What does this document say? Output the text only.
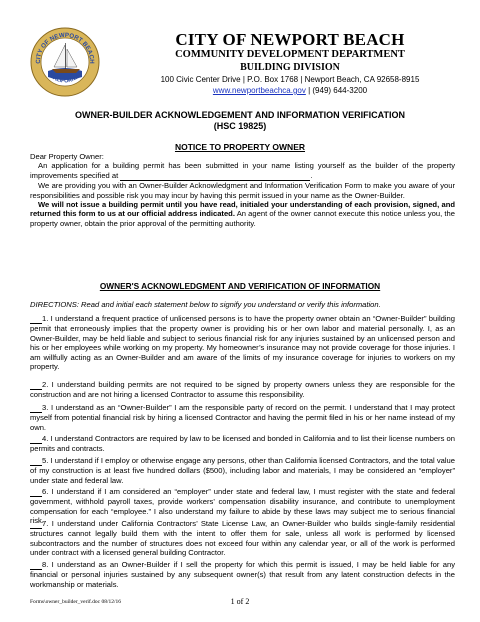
CITY OF NEWPORT BEACH
CALIFORNIA
CITY OF NEWPORT BEACH
COMMUNITY DEVELOPMENT DEPARTMENT
BUILDING DIVISION
100 Civic Center Drive | P.O. Box 1768 | Newport Beach, CA 92658-8915
www.newportbeachca.gov | (949) 644-3200
OWNER-BUILDER ACKNOWLEDGEMENT AND INFORMATION VERIFICATION
(HSC 19825)
NOTICE TO PROPERTY OWNER

Dear Property Owner:

An application for a building permit has been submitted in your name listing yourself as the builder of the property improvements specified at	.

We are providing you with an Owner-Builder Acknowledgment and Information Verification Form to make you aware of your responsibilities and possible risk you may incur by having this permit issued in your name as the Owner-Builder.

We will not issue a building permit until you have read, initialed your understanding of each provision, signed, and returned this form to us at our official address indicated. An agent of the owner cannot execute this notice unless you, the property owner, obtain the prior approval of the permitting authority.

OWNER'S ACKNOWLEDGMENT AND VERIFICATION OF INFORMATION
DIRECTIONS: Read and initial each statement below to signify you understand or verify this information.
1. I understand a frequent practice of unlicensed persons is to have the property owner obtain an “Owner-Builder” building permit that erroneously implies that the property owner is providing his or her own labor and material personally. I, as an Owner-Builder, may be held liable and subject to serious financial risk for any injuries sustained by an unlicensed person and his or her employees while working on my property. My homeowner’s insurance may not provide coverage for those injuries. I am willfully acting as an Owner-Builder and am aware of the limits of my insurance coverage for injuries to workers on my property.
2. I understand building permits are not required to be signed by property owners unless they are responsible for the construction and are not hiring a licensed Contractor to assume this responsibility.
3. I understand as an “Owner-Builder” I am the responsible party of record on the permit. I understand that I may protect myself from potential financial risk by hiring a licensed Contractor and having the permit filed in his or her name instead of my own.
4. I understand Contractors are required by law to be licensed and bonded in California and to list their license numbers on permits and contracts.
5. I understand if I employ or otherwise engage any persons, other than California licensed Contractors, and the total value of my construction is at least five hundred dollars ($500), including labor and materials, I may be considered an “employer” under state and federal law.
6. I understand if I am considered an “employer” under state and federal law, I must register with the state and federal government, withhold payroll taxes, provide workers’ compensation disability insurance, and contribute to unemployment compensation for each “employee.” I also understand my failure to abide by these laws may subject me to serious financial risk.
7. I understand under California Contractors’ State License Law, an Owner-Builder who builds single-family residential structures cannot legally build them with the intent to offer them for sale, unless all work is performed by licensed subcontractors and the number of structures does not exceed four within any calendar year, or all of the work is performed under contract with a licensed general building Contractor.
8. I understand as an Owner-Builder if I sell the property for which this permit is issued, I may be held liable for any financial or personal injuries sustained by any subsequent owner(s) that result from any latent construction defects in the workmanship or materials.
Forms\owner_builder_verif.doc 08/12/16	1 of 2
